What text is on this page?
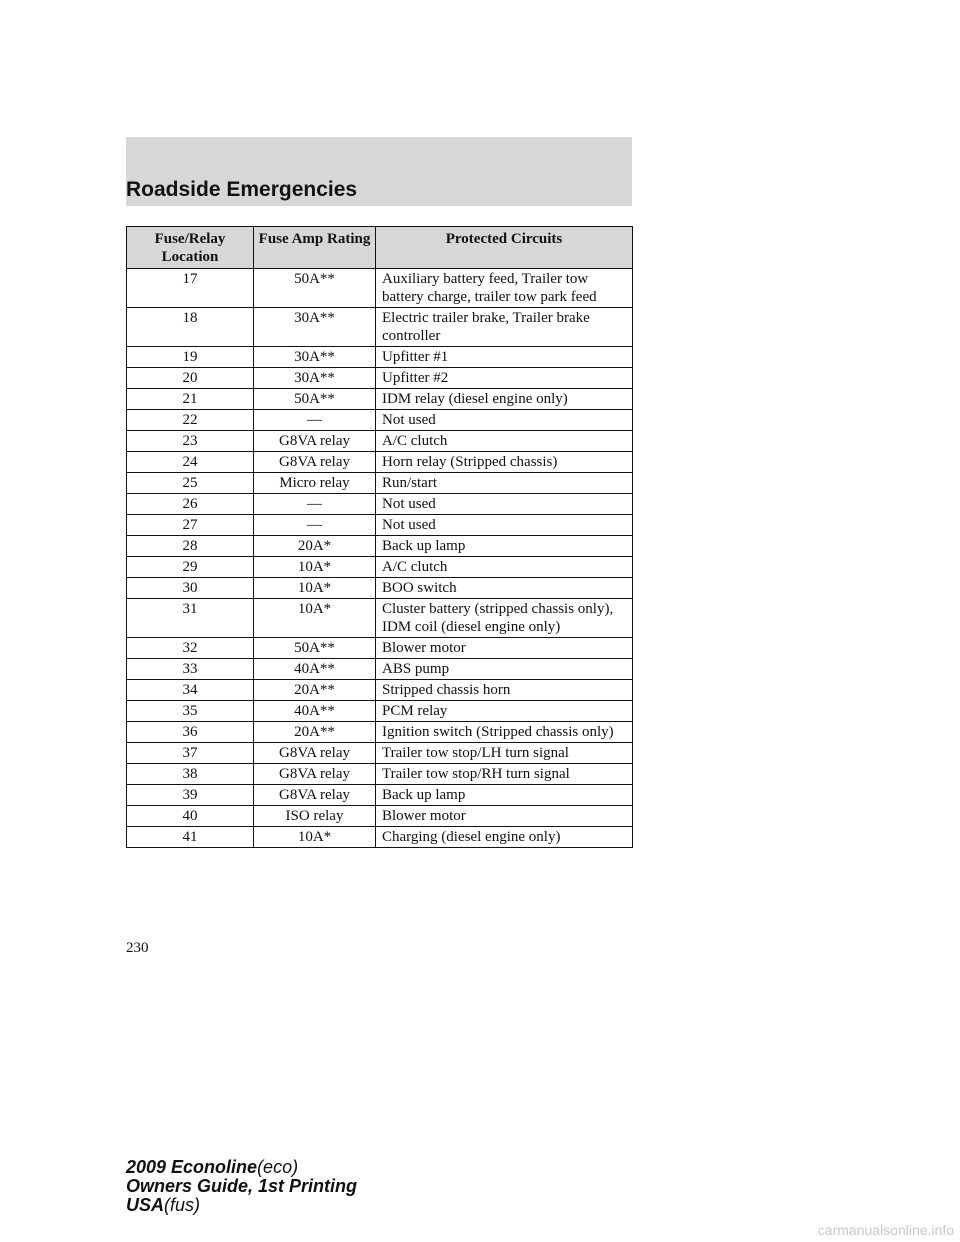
Roadside Emergencies
Fuse/Relay Location	Fuse Amp Rating	Protected Circuits
17	50A**	Auxiliary battery feed, Trailer tow battery charge, trailer tow park feed
18	30A**	Electric trailer brake, Trailer brake controller
19	30A**	Upfitter #1
20	30A**	Upfitter #2
21	50A**	IDM relay (diesel engine only)
22	—	Not used
23	G8VA relay	A/C clutch
24	G8VA relay	Horn relay (Stripped chassis)
25	Micro relay	Run/start
26	—	Not used
27	—	Not used
28	20A*	Back up lamp
29	10A*	A/C clutch
30	10A*	BOO switch
31	10A*	Cluster battery (stripped chassis only), IDM coil (diesel engine only)
32	50A**	Blower motor
33	40A**	ABS pump
34	20A**	Stripped chassis horn
35	40A**	PCM relay
36	20A**	Ignition switch (Stripped chassis only)
37	G8VA relay	Trailer tow stop/LH turn signal
38	G8VA relay	Trailer tow stop/RH turn signal
39	G8VA relay	Back up lamp
40	ISO relay	Blower motor
41	10A*	Charging (diesel engine only)
230
2009 Econoline(eco)
Owners Guide, 1st Printing
USA(fus)
carmanualsonline.info
